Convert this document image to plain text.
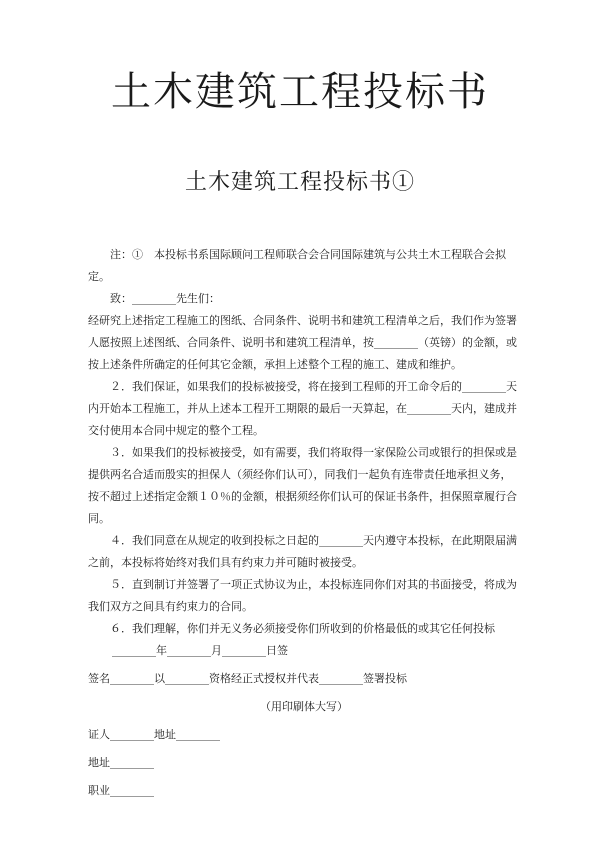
土木建筑工程投标书
土木建筑工程投标书①

注：①　本投标书系国际顾问工程师联合会合同国际建筑与公共土木工程联合会拟定。

致：________先生们：

经研究上述指定工程施工的图纸、合同条件、说明书和建筑工程清单之后，我们作为签署人愿按照上述图纸、合同条件、说明书和建筑工程清单，按________（英镑）的金额，或按上述条件所确定的任何其它金额，承担上述整个工程的施工、建成和维护。

２．我们保证，如果我们的投标被接受，将在接到工程师的开工命令后的________天内开始本工程施工，并从上述本工程开工期限的最后一天算起，在________天内，建成并交付使用本合同中规定的整个工程。

３．如果我们的投标被接受，如有需要，我们将取得一家保险公司或银行的担保或是提供两名合适而殷实的担保人（须经你们认可），同我们一起负有连带责任地承担义务，按不超过上述指定金额１０％的金额，根据须经你们认可的保证书条件，担保照章履行合同。

４．我们同意在从规定的收到投标之日起的________天内遵守本投标，在此期限届满之前，本投标将始终对我们具有约束力并可随时被接受。

５．直到制订并签署了一项正式协议为止，本投标连同你们对其的书面接受，将成为我们双方之间具有约束力的合同。

６．我们理解，你们并无义务必须接受你们所收到的价格最低的或其它任何投标

________年________月________日签

签名________以________资格经正式授权并代表________签署投标

（用印刷体大写）

证人________地址________

地址________

职业________
